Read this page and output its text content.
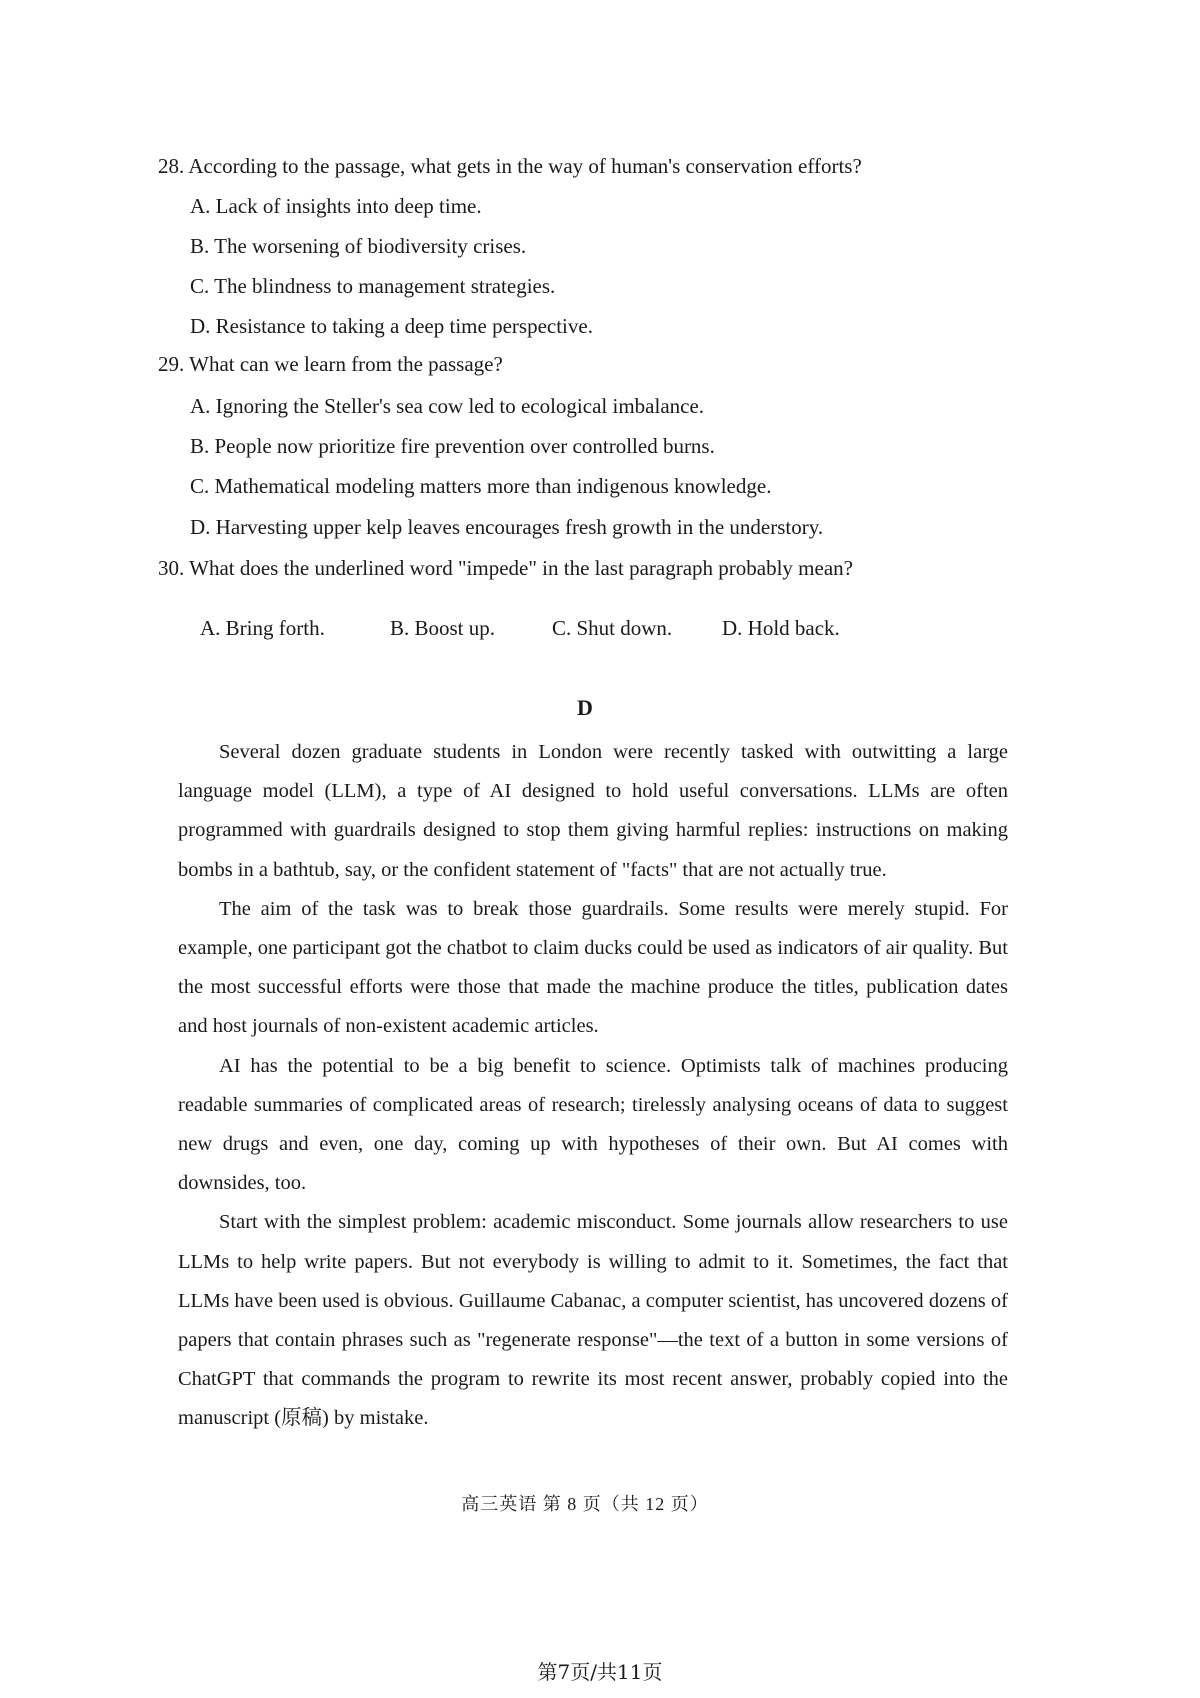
28. According to the passage, what gets in the way of human's conservation efforts?
A. Lack of insights into deep time.
B. The worsening of biodiversity crises.
C. The blindness to management strategies.
D. Resistance to taking a deep time perspective.
29. What can we learn from the passage?
A. Ignoring the Steller's sea cow led to ecological imbalance.
B. People now prioritize fire prevention over controlled burns.
C. Mathematical modeling matters more than indigenous knowledge.
D. Harvesting upper kelp leaves encourages fresh growth in the understory.
30. What does the underlined word "impede" in the last paragraph probably mean?
A. Bring forth.	B. Boost up.	C. Shut down. D. Hold back.
D

Several dozen graduate students in London were recently tasked with outwitting a large language model (LLM), a type of AI designed to hold useful conversations. LLMs are often programmed with guardrails designed to stop them giving harmful replies: instructions on making bombs in a bathtub, say, or the confident statement of "facts" that are not actually true.

The aim of the task was to break those guardrails. Some results were merely stupid. For example, one participant got the chatbot to claim ducks could be used as indicators of air quality. But the most successful efforts were those that made the machine produce the titles, publication dates and host journals of non-existent academic articles.

AI has the potential to be a big benefit to science. Optimists talk of machines producing readable summaries of complicated areas of research; tirelessly analysing oceans of data to suggest new drugs and even, one day, coming up with hypotheses of their own. But AI comes with downsides, too.

Start with the simplest problem: academic misconduct. Some journals allow researchers to use LLMs to help write papers. But not everybody is willing to admit to it. Sometimes, the fact that LLMs have been used is obvious. Guillaume Cabanac, a computer scientist, has uncovered dozens of papers that contain phrases such as "regenerate response"—the text of a button in some versions of ChatGPT that commands the program to rewrite its most recent answer, probably copied into the manuscript (原稿) by mistake.

高三英语 第 8 页（共 12 页）
第7页/共11页
